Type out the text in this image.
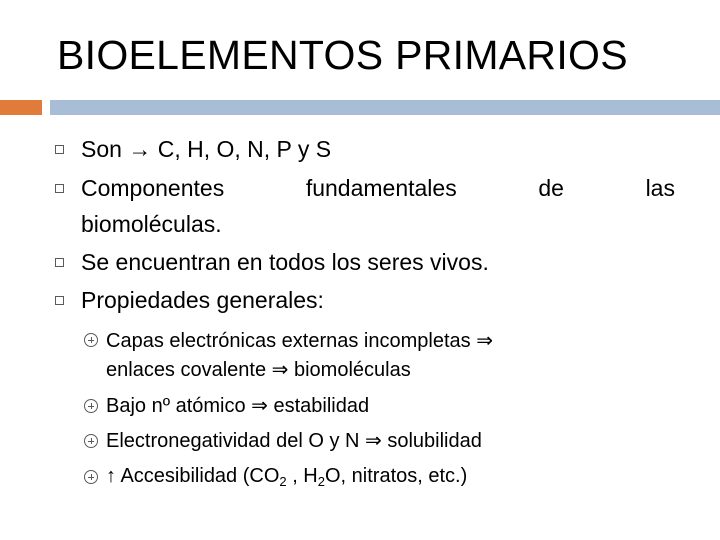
BIOELEMENTOS PRIMARIOS
Son → C, H, O, N, P y S
Componentes	fundamentales	de	las
biomoléculas.
Se encuentran en todos los seres vivos.
Propiedades generales:
Capas electrónicas externas incompletas ⇒
enlaces covalente ⇒ biomoléculas
Bajo nº atómico ⇒ estabilidad
Electronegatividad del O y N ⇒ solubilidad
↑ Accesibilidad ($CO_2$ , $H_2O$, nitratos, etc.)
